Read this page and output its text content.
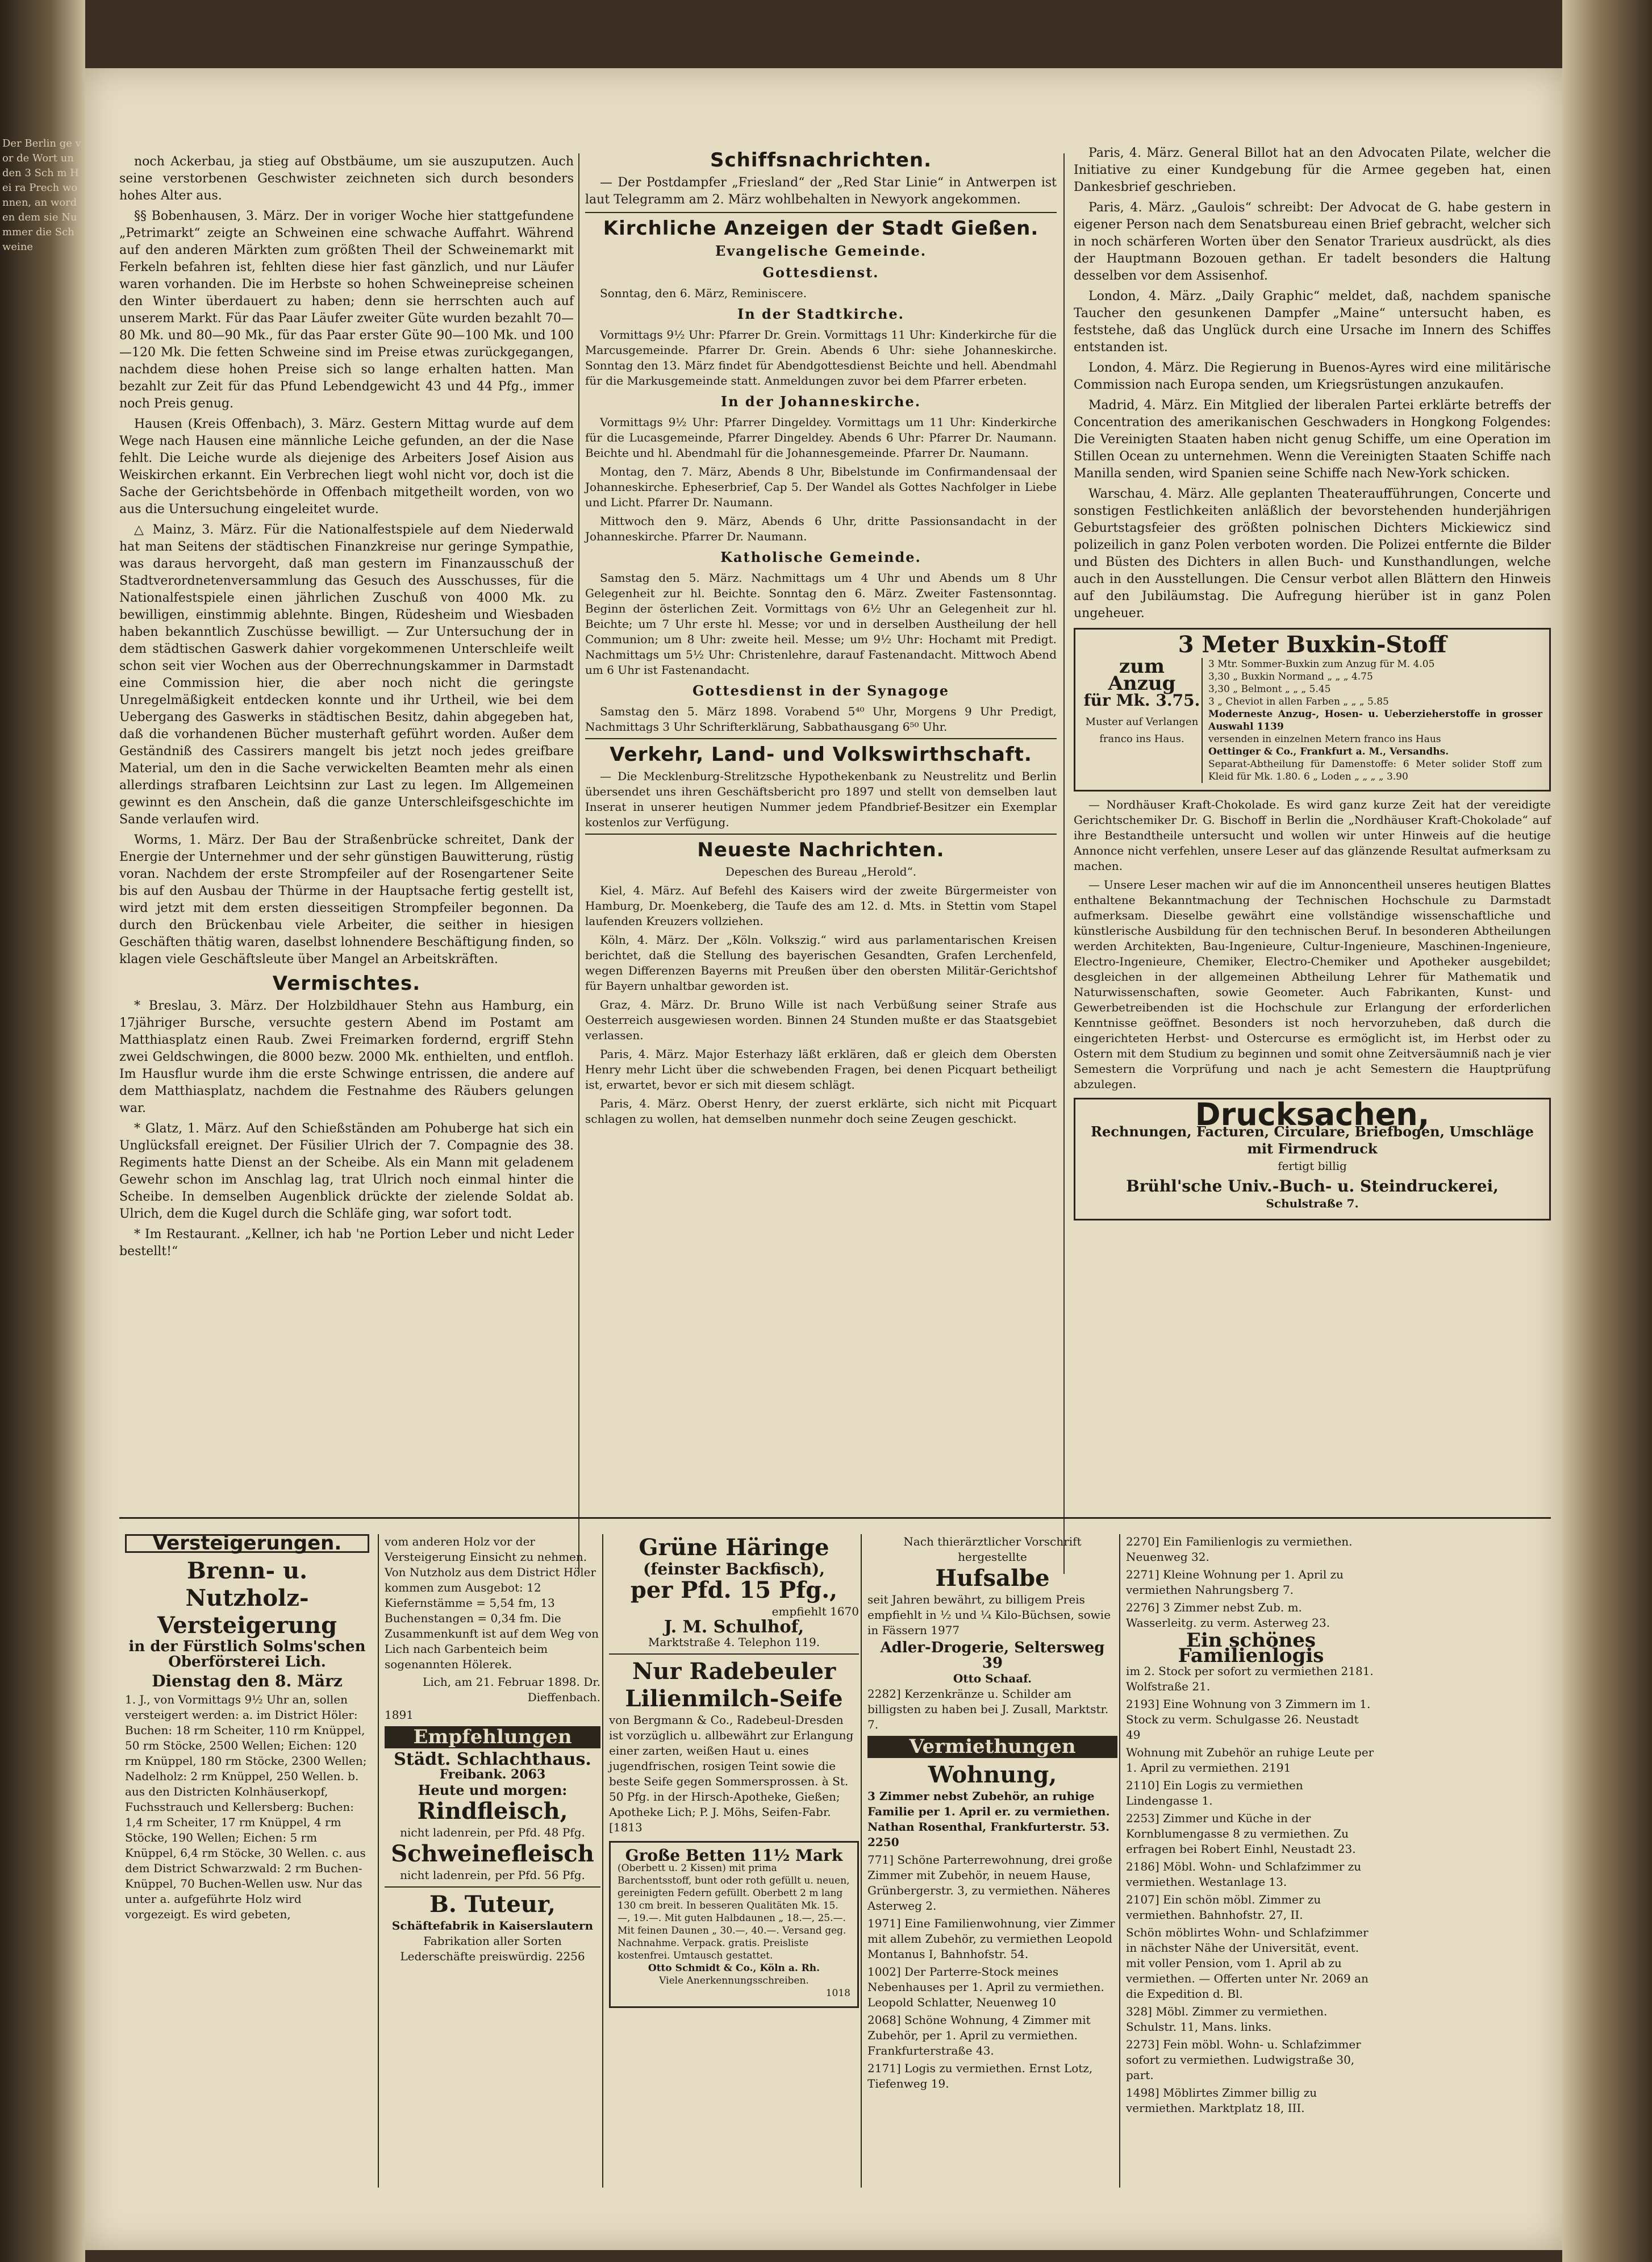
noch Ackerbau, ja stieg auf Obstbäume, um sie auszuputzen. Auch seine verstorbenen Geschwister zeichneten sich durch besonders hohes Alter aus.

§§ Bobenhausen, 3. März. Der in voriger Woche hier stattgefundene „Petrimarkt“ zeigte an Schweinen eine schwache Auffahrt. Während auf den anderen Märkten zum größten Theil der Schweinemarkt mit Ferkeln befahren ist, fehlten diese hier fast gänzlich, und nur Läufer waren vorhanden. Die im Herbste so hohen Schweinepreise scheinen den Winter überdauert zu haben; denn sie herrschten auch auf unserem Markt. Für das Paar Läufer zweiter Güte wurden bezahlt 70—80 Mk. und 80—90 Mk., für das Paar erster Güte 90—100 Mk. und 100—120 Mk. Die fetten Schweine sind im Preise etwas zurückgegangen, nachdem diese hohen Preise sich so lange erhalten hatten. Man bezahlt zur Zeit für das Pfund Lebendgewicht 43 und 44 Pfg., immer noch Preis genug.

Hausen (Kreis Offenbach), 3. März. Gestern Mittag wurde auf dem Wege nach Hausen eine männliche Leiche gefunden, an der die Nase fehlt. Die Leiche wurde als diejenige des Arbeiters Josef Aision aus Weiskirchen erkannt. Ein Verbrechen liegt wohl nicht vor, doch ist die Sache der Gerichtsbehörde in Offenbach mitgetheilt worden, von wo aus die Untersuchung eingeleitet wurde.

△ Mainz, 3. März. Für die Nationalfestspiele auf dem Niederwald hat man Seitens der städtischen Finanzkreise nur geringe Sympathie, was daraus hervorgeht, daß man gestern im Finanzausschuß der Stadtverordnetenversammlung das Gesuch des Ausschusses, für die Nationalfestspiele einen jährlichen Zuschuß von 4000 Mk. zu bewilligen, einstimmig ablehnte. Bingen, Rüdesheim und Wiesbaden haben bekanntlich Zuschüsse bewilligt. — Zur Untersuchung der in dem städtischen Gaswerk dahier vorgekommenen Unterschleife weilt schon seit vier Wochen aus der Oberrechnungskammer in Darmstadt eine Commission hier, die aber noch nicht die geringste Unregelmäßigkeit entdecken konnte und ihr Urtheil, wie bei dem Uebergang des Gaswerks in städtischen Besitz, dahin abgegeben hat, daß die vorhandenen Bücher musterhaft geführt worden. Außer dem Geständniß des Cassirers mangelt bis jetzt noch jedes greifbare Material, um den in die Sache verwickelten Beamten mehr als einen allerdings strafbaren Leichtsinn zur Last zu legen. Im Allgemeinen gewinnt es den Anschein, daß die ganze Unterschleifsgeschichte im Sande verlaufen wird.

Worms, 1. März. Der Bau der Straßenbrücke schreitet, Dank der Energie der Unternehmer und der sehr günstigen Bauwitterung, rüstig voran. Nachdem der erste Strompfeiler auf der Rosengartener Seite bis auf den Ausbau der Thürme in der Hauptsache fertig gestellt ist, wird jetzt mit dem ersten diesseitigen Strompfeiler begonnen. Da durch den Brückenbau viele Arbeiter, die seither in hiesigen Geschäften thätig waren, daselbst lohnendere Beschäftigung finden, so klagen viele Geschäftsleute über Mangel an Arbeitskräften.

Vermischtes.

* Breslau, 3. März. Der Holzbildhauer Stehn aus Hamburg, ein 17jähriger Bursche, versuchte gestern Abend im Postamt am Matthiasplatz einen Raub. Zwei Freimarken fordernd, ergriff Stehn zwei Geldschwingen, die 8000 bezw. 2000 Mk. enthielten, und entfloh. Im Hausflur wurde ihm die erste Schwinge entrissen, die andere auf dem Matthiasplatz, nachdem die Festnahme des Räubers gelungen war.

* Glatz, 1. März. Auf den Schießständen am Pohuberge hat sich ein Unglücksfall ereignet. Der Füsilier Ulrich der 7. Compagnie des 38. Regiments hatte Dienst an der Scheibe. Als ein Mann mit geladenem Gewehr schon im Anschlag lag, trat Ulrich noch einmal hinter die Scheibe. In demselben Augenblick drückte der zielende Soldat ab. Ulrich, dem die Kugel durch die Schläfe ging, war sofort todt.

* Im Restaurant. „Kellner, ich hab 'ne Portion Leber und nicht Leder bestellt!“

Schiffsnachrichten.

— Der Postdampfer „Friesland“ der „Red Star Linie“ in Antwerpen ist laut Telegramm am 2. März wohlbehalten in Newyork angekommen.

Kirchliche Anzeigen der Stadt Gießen.
Evangelische Gemeinde.
Gottesdienst.

Sonntag, den 6. März, Reminiscere.

In der Stadtkirche.

Vormittags 9½ Uhr: Pfarrer Dr. Grein. Vormittags 11 Uhr: Kinderkirche für die Marcusgemeinde. Pfarrer Dr. Grein. Abends 6 Uhr: siehe Johanneskirche. Sonntag den 13. März findet für Abendgottesdienst Beichte und hell. Abendmahl für die Markusgemeinde statt. Anmeldungen zuvor bei dem Pfarrer erbeten.

In der Johanneskirche.

Vormittags 9½ Uhr: Pfarrer Dingeldey. Vormittags um 11 Uhr: Kinderkirche für die Lucasgemeinde, Pfarrer Dingeldey. Abends 6 Uhr: Pfarrer Dr. Naumann. Beichte und hl. Abendmahl für die Johannesgemeinde. Pfarrer Dr. Naumann.

Montag, den 7. März, Abends 8 Uhr, Bibelstunde im Confirmandensaal der Johanneskirche. Epheserbrief, Cap 5. Der Wandel als Gottes Nachfolger in Liebe und Licht. Pfarrer Dr. Naumann.

Mittwoch den 9. März, Abends 6 Uhr, dritte Passionsandacht in der Johanneskirche. Pfarrer Dr. Naumann.

Katholische Gemeinde.

Samstag den 5. März. Nachmittags um 4 Uhr und Abends um 8 Uhr Gelegenheit zur hl. Beichte. Sonntag den 6. März. Zweiter Fastensonntag. Beginn der österlichen Zeit. Vormittags von 6½ Uhr an Gelegenheit zur hl. Beichte; um 7 Uhr erste hl. Messe; vor und in derselben Austheilung der hell Communion; um 8 Uhr: zweite heil. Messe; um 9½ Uhr: Hochamt mit Predigt. Nachmittags um 5½ Uhr: Christenlehre, darauf Fastenandacht. Mittwoch Abend um 6 Uhr ist Fastenandacht.

Gottesdienst in der Synagoge

Samstag den 5. März 1898. Vorabend 5⁴⁰ Uhr, Morgens 9 Uhr Predigt, Nachmittags 3 Uhr Schrifterklärung, Sabbathausgang 6⁵⁰ Uhr.

Verkehr, Land- und Volkswirthschaft.

— Die Mecklenburg-Strelitzsche Hypothekenbank zu Neustrelitz und Berlin übersendet uns ihren Geschäftsbericht pro 1897 und stellt von demselben laut Inserat in unserer heutigen Nummer jedem Pfandbrief-Besitzer ein Exemplar kostenlos zur Verfügung.

Neueste Nachrichten.

Depeschen des Bureau „Herold“.

Kiel, 4. März. Auf Befehl des Kaisers wird der zweite Bürgermeister von Hamburg, Dr. Moenkeberg, die Taufe des am 12. d. Mts. in Stettin vom Stapel laufenden Kreuzers vollziehen.

Köln, 4. März. Der „Köln. Volkszig.“ wird aus parlamentarischen Kreisen berichtet, daß die Stellung des bayerischen Gesandten, Grafen Lerchenfeld, wegen Differenzen Bayerns mit Preußen über den obersten Militär-Gerichtshof für Bayern unhaltbar geworden ist.

Graz, 4. März. Dr. Bruno Wille ist nach Verbüßung seiner Strafe aus Oesterreich ausgewiesen worden. Binnen 24 Stunden mußte er das Staatsgebiet verlassen.

Paris, 4. März. Major Esterhazy läßt erklären, daß er gleich dem Obersten Henry mehr Licht über die schwebenden Fragen, bei denen Picquart betheiligt ist, erwartet, bevor er sich mit diesem schlägt.

Paris, 4. März. Oberst Henry, der zuerst erklärte, sich nicht mit Picquart schlagen zu wollen, hat demselben nunmehr doch seine Zeugen geschickt.

Paris, 4. März. General Billot hat an den Advocaten Pilate, welcher die Initiative zu einer Kundgebung für die Armee gegeben hat, einen Dankesbrief geschrieben.

Paris, 4. März. „Gaulois“ schreibt: Der Advocat de G. habe gestern in eigener Person nach dem Senatsbureau einen Brief gebracht, welcher sich in noch schärferen Worten über den Senator Trarieux ausdrückt, als dies der Hauptmann Bozouen gethan. Er tadelt besonders die Haltung desselben vor dem Assisenhof.

London, 4. März. „Daily Graphic“ meldet, daß, nachdem spanische Taucher den gesunkenen Dampfer „Maine“ untersucht haben, es feststehe, daß das Unglück durch eine Ursache im Innern des Schiffes entstanden ist.

London, 4. März. Die Regierung in Buenos-Ayres wird eine militärische Commission nach Europa senden, um Kriegsrüstungen anzukaufen.

Madrid, 4. März. Ein Mitglied der liberalen Partei erklärte betreffs der Concentration des amerikanischen Geschwaders in Hongkong Folgendes: Die Vereinigten Staaten haben nicht genug Schiffe, um eine Operation im Stillen Ocean zu unternehmen. Wenn die Vereinigten Staaten Schiffe nach Manilla senden, wird Spanien seine Schiffe nach New-York schicken.

Warschau, 4. März. Alle geplanten Theateraufführungen, Concerte und sonstigen Festlichkeiten anläßlich der bevorstehenden hunderjährigen Geburtstagsfeier des größten polnischen Dichters Mickiewicz sind polizeilich in ganz Polen verboten worden. Die Polizei entfernte die Bilder und Büsten des Dichters in allen Buch- und Kunsthandlungen, welche auch in den Ausstellungen. Die Censur verbot allen Blättern den Hinweis auf den Jubiläumstag. Die Aufregung hierüber ist in ganz Polen ungeheuer.

3 Meter Buxkin-Stoff
zum Anzug
für Mk. 3.75.
Muster auf Verlangen franco ins Haus.
3 Mtr. Sommer-Buxkin zum Anzug für M. 4.05
3,30 „ Buxkin Normand „ „ „ 4.75
3,30 „ Belmont „ „ „ 5.45
3 „ Cheviot in allen Farben „ „ „ 5.85
Moderneste Anzug-, Hosen- u. Ueberzieherstoffe in grosser Auswahl 1139
versenden in einzelnen Metern franco ins Haus
Oettinger & Co., Frankfurt a. M., Versandhs.
Separat-Abtheilung für Damenstoffe: 6 Meter solider Stoff zum Kleid für Mk. 1.80. 6 „ Loden „ „ „ „ 3.90

— Nordhäuser Kraft-Chokolade. Es wird ganz kurze Zeit hat der vereidigte Gerichtschemiker Dr. G. Bischoff in Berlin die „Nordhäuser Kraft-Chokolade“ auf ihre Bestandtheile untersucht und wollen wir unter Hinweis auf die heutige Annonce nicht verfehlen, unsere Leser auf das glänzende Resultat aufmerksam zu machen.

— Unsere Leser machen wir auf die im Annoncentheil unseres heutigen Blattes enthaltene Bekanntmachung der Technischen Hochschule zu Darmstadt aufmerksam. Dieselbe gewährt eine vollständige wissenschaftliche und künstlerische Ausbildung für den technischen Beruf. In besonderen Abtheilungen werden Architekten, Bau-Ingenieure, Cultur-Ingenieure, Maschinen-Ingenieure, Electro-Ingenieure, Chemiker, Electro-Chemiker und Apotheker ausgebildet; desgleichen in der allgemeinen Abtheilung Lehrer für Mathematik und Naturwissenschaften, sowie Geometer. Auch Fabrikanten, Kunst- und Gewerbetreibenden ist die Hochschule zur Erlangung der erforderlichen Kenntnisse geöffnet. Besonders ist noch hervorzuheben, daß durch die eingerichteten Herbst- und Ostercurse es ermöglicht ist, im Herbst oder zu Ostern mit dem Studium zu beginnen und somit ohne Zeitversäumniß nach je vier Semestern die Vorprüfung und nach je acht Semestern die Hauptprüfung abzulegen.

Drucksachen,
Rechnungen, Facturen, Circulare, Briefbogen, Umschläge mit Firmendruck
fertigt billig
Brühl'sche Univ.-Buch- u. Steindruckerei,
Schulstraße 7.
Versteigerungen.
Brenn- u. Nutzholz-
Versteigerung
in der Fürstlich Solms'schen Oberförsterei Lich.
Dienstag den 8. März

1. J., von Vormittags 9½ Uhr an, sollen versteigert werden: a. im District Höler: Buchen: 18 rm Scheiter, 110 rm Knüppel, 50 rm Stöcke, 2500 Wellen; Eichen: 120 rm Knüppel, 180 rm Stöcke, 2300 Wellen; Nadelholz: 2 rm Knüppel, 250 Wellen. b. aus den Districten Kolnhäuserkopf, Fuchsstrauch und Kellersberg: Buchen: 1,4 rm Scheiter, 17 rm Knüppel, 4 rm Stöcke, 190 Wellen; Eichen: 5 rm Knüppel, 6,4 rm Stöcke, 30 Wellen. c. aus dem District Schwarzwald: 2 rm Buchen-Knüppel, 70 Buchen-Wellen usw. Nur das unter a. aufgeführte Holz wird vorgezeigt. Es wird gebeten,

vom anderen Holz vor der Versteigerung Einsicht zu nehmen. Von Nutzholz aus dem District Höler kommen zum Ausgebot: 12 Kiefernstämme = 5,54 fm, 13 Buchenstangen = 0,34 fm. Die Zusammenkunft ist auf dem Weg von Lich nach Garbenteich beim sogenannten Hölerek.

Lich, am 21. Februar 1898. Dr. Dieffenbach.

1891

Empfehlungen
Städt. Schlachthaus.
Freibank. 2063
Heute und morgen:
Rindfleisch,
nicht ladenrein, per Pfd. 48 Pfg.
Schweinefleisch
nicht ladenrein, per Pfd. 56 Pfg.
B. Tuteur,
Schäftefabrik in Kaiserslautern
Fabrikation aller Sorten Lederschäfte preiswürdig. 2256
Grüne Häringe
(feinster Backfisch),
per Pfd. 15 Pfg.,
empfiehlt 1670
J. M. Schulhof,
Marktstraße 4. Telephon 119.
Nur Radebeuler
Lilienmilch-Seife

von Bergmann & Co., Radebeul-Dresden ist vorzüglich u. allbewährt zur Erlangung einer zarten, weißen Haut u. eines jugendfrischen, rosigen Teint sowie die beste Seife gegen Sommersprossen. à St. 50 Pfg. in der Hirsch-Apotheke, Gießen; Apotheke Lich; P. J. Möhs, Seifen-Fabr. [1813

Große Betten 11½ Mark
(Oberbett u. 2 Kissen) mit prima Barchentsstoff, bunt oder roth gefüllt u. neuen, gereinigten Federn gefüllt. Oberbett 2 m lang 130 cm breit. In besseren Qualitäten Mk. 15.—, 19.—. Mit guten Halbdaunen „ 18.—, 25.—. Mit feinen Daunen „ 30.—, 40.—. Versand geg. Nachnahme. Verpack. gratis. Preisliste kostenfrei. Umtausch gestattet.
Otto Schmidt & Co., Köln a. Rh.
Viele Anerkennungsschreiben.
1018
Nach thierärztlicher Vorschrift hergestellte
Hufsalbe

seit Jahren bewährt, zu billigem Preis empfiehlt in ½ und ¼ Kilo-Büchsen, sowie in Fässern 1977

Adler-Drogerie, Seltersweg 39
Otto Schaaf.

2282] Kerzenkränze u. Schilder am billigsten zu haben bei J. Zusall, Marktstr. 7.

Vermiethungen
Wohnung,

3 Zimmer nebst Zubehör, an ruhige Familie per 1. April er. zu vermiethen. Nathan Rosenthal, Frankfurterstr. 53. 2250

771] Schöne Parterrewohnung, drei große Zimmer mit Zubehör, in neuem Hause, Grünbergerstr. 3, zu vermiethen. Näheres Asterweg 2.

1971] Eine Familienwohnung, vier Zimmer mit allem Zubehör, zu vermiethen Leopold Montanus I, Bahnhofstr. 54.

1002] Der Parterre-Stock meines Nebenhauses per 1. April zu vermiethen. Leopold Schlatter, Neuenweg 10

2068] Schöne Wohnung, 4 Zimmer mit Zubehör, per 1. April zu vermiethen. Frankfurterstraße 43.

2171] Logis zu vermiethen. Ernst Lotz, Tiefenweg 19.

2270] Ein Familienlogis zu vermiethen. Neuenweg 32.

2271] Kleine Wohnung per 1. April zu vermiethen Nahrungsberg 7.

2276] 3 Zimmer nebst Zub. m. Wasserleitg. zu verm. Asterweg 23.

Ein schönes Familienlogis

im 2. Stock per sofort zu vermiethen 2181. Wolfstraße 21.

2193] Eine Wohnung von 3 Zimmern im 1. Stock zu verm. Schulgasse 26. Neustadt 49

Wohnung mit Zubehör an ruhige Leute per 1. April zu vermiethen. 2191

2110] Ein Logis zu vermiethen Lindengasse 1.

2253] Zimmer und Küche in der Kornblumengasse 8 zu vermiethen. Zu erfragen bei Robert Einhl, Neustadt 23.

2186] Möbl. Wohn- und Schlafzimmer zu vermiethen. Westanlage 13.

2107] Ein schön möbl. Zimmer zu vermiethen. Bahnhofstr. 27, II.

Schön möblirtes Wohn- und Schlafzimmer in nächster Nähe der Universität, event. mit voller Pension, vom 1. April ab zu vermiethen. — Offerten unter Nr. 2069 an die Expedition d. Bl.

328] Möbl. Zimmer zu vermiethen. Schulstr. 11, Mans. links.

2273] Fein möbl. Wohn- u. Schlafzimmer sofort zu vermiethen. Ludwigstraße 30, part.

1498] Möblirtes Zimmer billig zu vermiethen. Marktplatz 18, III.

Der Berlin ge vor de Wort un den 3 Sch m Hei ra Prech wonnen, an worden dem sie Nummer die Schweine
